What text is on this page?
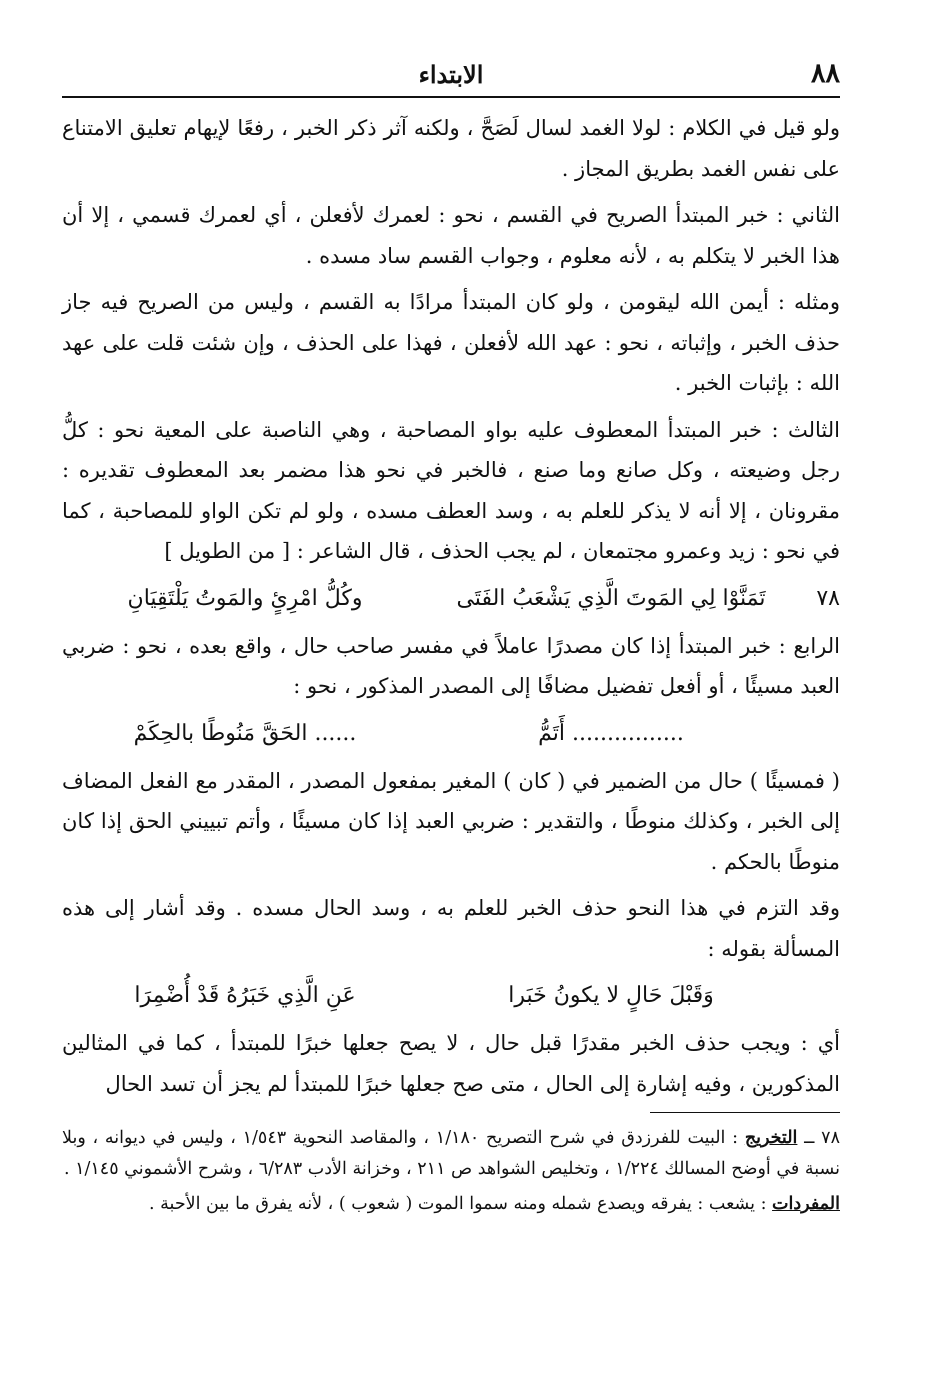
٨٨
الابتداء

ولو قيل في الكلام : لولا الغمد لسال لَصَحَّ ، ولكنه آثر ذكر الخبر ، رفعًا لإيهام تعليق الامتناع على نفس الغمد بطريق المجاز .

الثاني : خبر المبتدأ الصريح في القسم ، نحو : لعمرك لأفعلن ، أي لعمرك قسمي ، إلا أن هذا الخبر لا يتكلم به ، لأنه معلوم ، وجواب القسم ساد مسده .

ومثله : أيمن الله ليقومن ، ولو كان المبتدأ مرادًا به القسم ، وليس من الصريح فيه جاز حذف الخبر ، وإثباته ، نحو : عهد الله لأفعلن ، فهذا على الحذف ، وإن شئت قلت على عهد الله : بإثبات الخبر .

الثالث : خبر المبتدأ المعطوف عليه بواو المصاحبة ، وهي الناصبة على المعية نحو : كلُّ رجل وضيعته ، وكل صانع وما صنع ، فالخبر في نحو هذا مضمر بعد المعطوف تقديره : مقرونان ، إلا أنه لا يذكر للعلم به ، وسد العطف مسده ، ولو لم تكن الواو للمصاحبة ، كما في نحو : زيد وعمرو مجتمعان ، لم يجب الحذف ، قال الشاعر : [ من الطويل ]

٧٨
تَمَنَّوْا لِي المَوتَ الَّذِي يَشْعَبُ الفَتَى
وكُلُّ امْرِئٍ والمَوتُ يَلْتَقِيَانِ

الرابع : خبر المبتدأ إذا كان مصدرًا عاملاً في مفسر صاحب حال ، واقع بعده ، نحو : ضربي العبد مسيئًا ، أو أفعل تفضيل مضافًا إلى المصدر المذكور ، نحو :

................ أَتَمُّ
...... الحَقَّ مَنُوطًا بالحِكَمْ

( فمسيئًا ) حال من الضمير في ( كان ) المغير بمفعول المصدر ، المقدر مع الفعل المضاف إلى الخبر ، وكذلك منوطًا ، والتقدير : ضربي العبد إذا كان مسيئًا ، وأتم تبييني الحق إذا كان منوطًا بالحكم .

وقد التزم في هذا النحو حذف الخبر للعلم به ، وسد الحال مسده . وقد أشار إلى هذه المسألة بقوله :

وَقَبْلَ حَالٍ لا يكونُ خَبَرا
عَنِ الَّذِي خَبَرُهُ قَدْ أُضْمِرَا

أي : ويجب حذف الخبر مقدرًا قبل حال ، لا يصح جعلها خبرًا للمبتدأ ، كما في المثالين المذكورين ، وفيه إشارة إلى الحال ، متى صح جعلها خبرًا للمبتدأ لم يجز أن تسد الحال

٧٨ ــ التخريج : البيت للفرزدق في شرح التصريح ١/١٨٠ ، والمقاصد النحوية ١/٥٤٣ ، وليس في ديوانه ، وبلا نسبة في أوضح المسالك ١/٢٢٤ ، وتخليص الشواهد ص ٢١١ ، وخزانة الأدب ٦/٢٨٣ ، وشرح الأشموني ١/١٤٥ .

المفردات : يشعب : يفرقه ويصدع شمله ومنه سموا الموت ( شعوب ) ، لأنه يفرق ما بين الأحبة .
